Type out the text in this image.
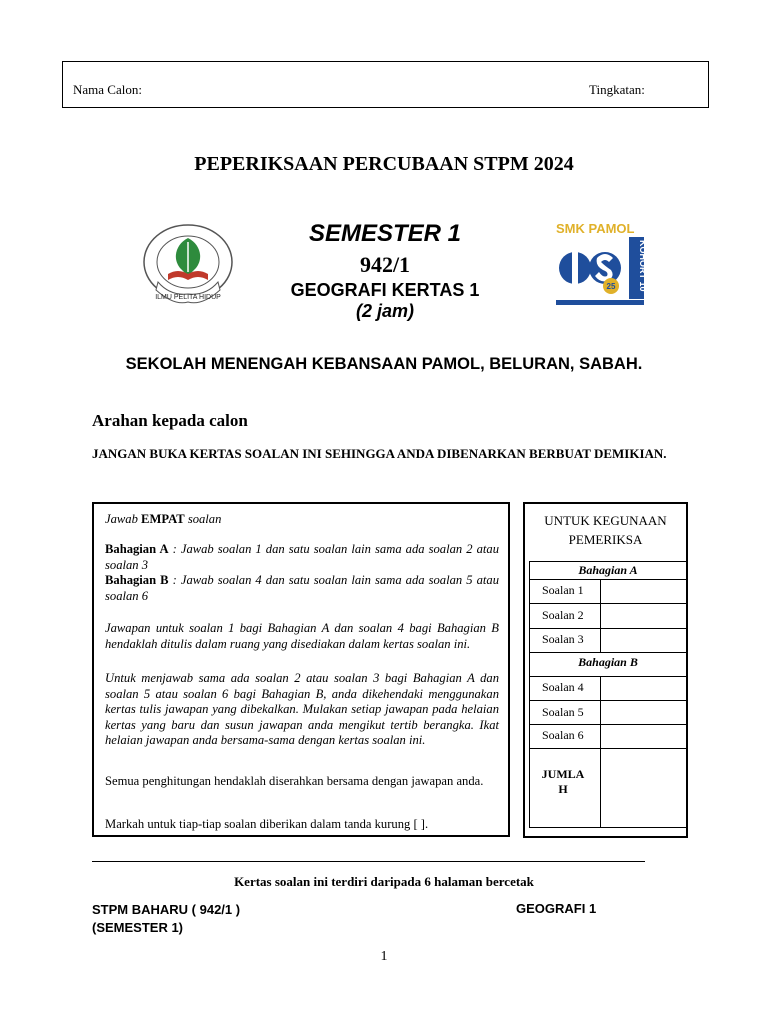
Nama Calon:	Tingkatan:
PEPERIKSAAN PERCUBAAN STPM 2024
ILMU PELITA HIDUP
SEMESTER 1
942/1
GEOGRAFI KERTAS 1
(2 jam)
SMK PAMOL
25	KOHORT 10
SEKOLAH MENENGAH KEBANSAAN PAMOL, BELURAN, SABAH.
Arahan kepada calon
JANGAN BUKA KERTAS SOALAN INI SEHINGGA ANDA DIBENARKAN BERBUAT DEMIKIAN.
Jawab EMPAT soalan
Bahagian A : Jawab soalan 1 dan satu soalan lain sama ada soalan 2 atau soalan 3
Bahagian B : Jawab soalan 4 dan satu soalan lain sama ada soalan 5 atau soalan 6
Jawapan untuk soalan 1 bagi Bahagian A dan soalan 4 bagi Bahagian B hendaklah ditulis dalam ruang yang disediakan dalam kertas soalan ini.
Untuk menjawab sama ada soalan 2 atau soalan 3 bagi Bahagian A dan soalan 5 atau soalan 6 bagi Bahagian B, anda dikehendaki menggunakan kertas tulis jawapan yang dibekalkan. Mulakan setiap jawapan pada helaian kertas yang baru dan susun jawapan anda mengikut tertib berangka. Ikat helaian jawapan anda bersama-sama dengan kertas soalan ini.
Semua penghitungan hendaklah diserahkan bersama dengan jawapan anda.
Markah untuk tiap-tiap soalan diberikan dalam tanda kurung [ ].
UNTUK KEGUNAAN PEMERIKSA
Bahagian A
Soalan 1
Soalan 2
Soalan 3
Bahagian B
Soalan 4
Soalan 5
Soalan 6
JUMLA H
Kertas soalan ini terdiri daripada 6 halaman bercetak
STPM BAHARU ( 942/1 )
(SEMESTER 1)
GEOGRAFI 1
1
